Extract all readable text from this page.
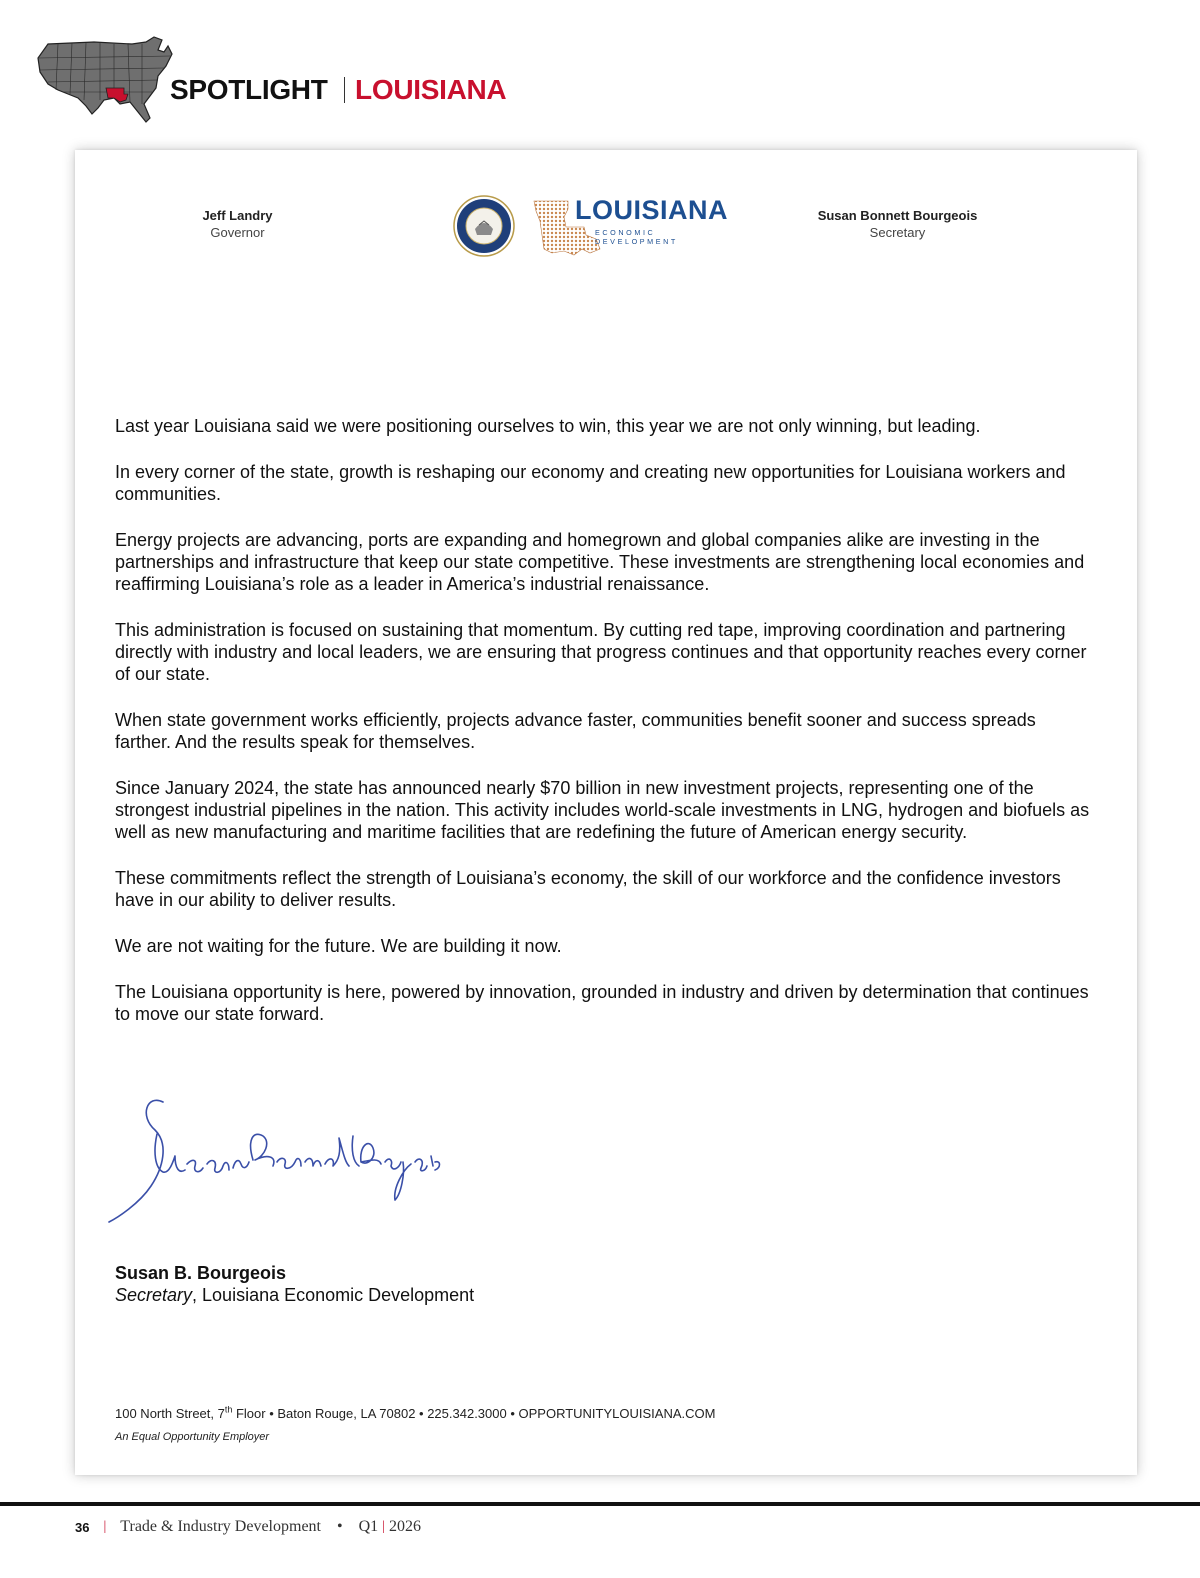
SPOTLIGHT LOUISIANA
Jeff Landry
Governor
LOUISIANA
ECONOMIC DEVELOPMENT
Susan Bonnett Bourgeois
Secretary

Last year Louisiana said we were positioning ourselves to win, this year we are not only winning, but leading.

In every corner of the state, growth is reshaping our economy and creating new opportunities for Louisiana workers and communities.

Energy projects are advancing, ports are expanding and homegrown and global companies alike are investing in the partnerships and infrastructure that keep our state competitive. These investments are strengthening local economies and reaffirming Louisiana’s role as a leader in America’s industrial renaissance.

This administration is focused on sustaining that momentum. By cutting red tape, improving coordination and partnering directly with industry and local leaders, we are ensuring that progress continues and that opportunity reaches every corner of our state.

When state government works efficiently, projects advance faster, communities benefit sooner and success spreads farther. And the results speak for themselves.

Since January 2024, the state has announced nearly $70 billion in new investment projects, representing one of the strongest industrial pipelines in the nation. This activity includes world-scale investments in LNG, hydrogen and biofuels as well as new manufacturing and maritime facilities that are redefining the future of American energy security.

These commitments reflect the strength of Louisiana’s economy, the skill of our workforce and the confidence investors have in our ability to deliver results.

We are not waiting for the future. We are building it now.

The Louisiana opportunity is here, powered by innovation, grounded in industry and driven by determination that continues to move our state forward.

Susan B. Bourgeois
Secretary, Louisiana Economic Development
100 North Street, 7th Floor • Baton Rouge, LA 70802 • 225.342.3000 • OPPORTUNITYLOUISIANA.COM
An Equal Opportunity Employer
36 | Trade & Industry Development • Q1 | 2026
